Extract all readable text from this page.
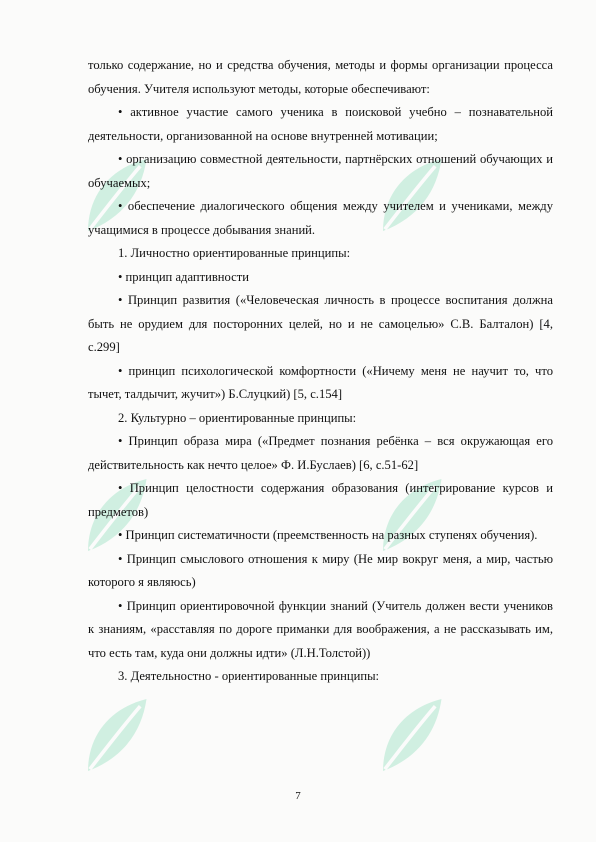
только содержание, но и средства обучения, методы и формы организации процесса обучения. Учителя используют методы, которые обеспечивают:

• активное участие самого ученика в поисковой учебно – познавательной деятельности, организованной на основе внутренней мотивации;

• организацию совместной деятельности, партнёрских отношений обучающих и обучаемых;

• обеспечение диалогического общения между учителем и учениками, между учащимися в процессе добывания знаний.

1. Личностно ориентированные принципы:

• принцип адаптивности

• Принцип развития («Человеческая личность в процессе воспитания должна быть не орудием для посторонних целей, но и не самоцелью» С.В. Балталон) [4, с.299]

• принцип психологической комфортности («Ничему меня не научит то, что тычет, талдычит, жучит») Б.Слуцкий) [5, с.154]

2. Культурно – ориентированные принципы:

• Принцип образа мира («Предмет познания ребёнка – вся окружающая его действительность как нечто целое» Ф. И.Буслаев) [6, с.51-62]

• Принцип целостности содержания образования (интегрирование курсов и предметов)

• Принцип систематичности (преемственность на разных ступенях обучения).

• Принцип смыслового отношения к миру (Не мир вокруг меня, а мир, частью которого я являюсь)

• Принцип ориентировочной функции знаний (Учитель должен вести учеников к знаниям, «расставляя по дороге приманки для воображения, а не рассказывать им, что есть там, куда они должны идти» (Л.Н.Толстой))

3. Деятельностно - ориентированные принципы:

7
